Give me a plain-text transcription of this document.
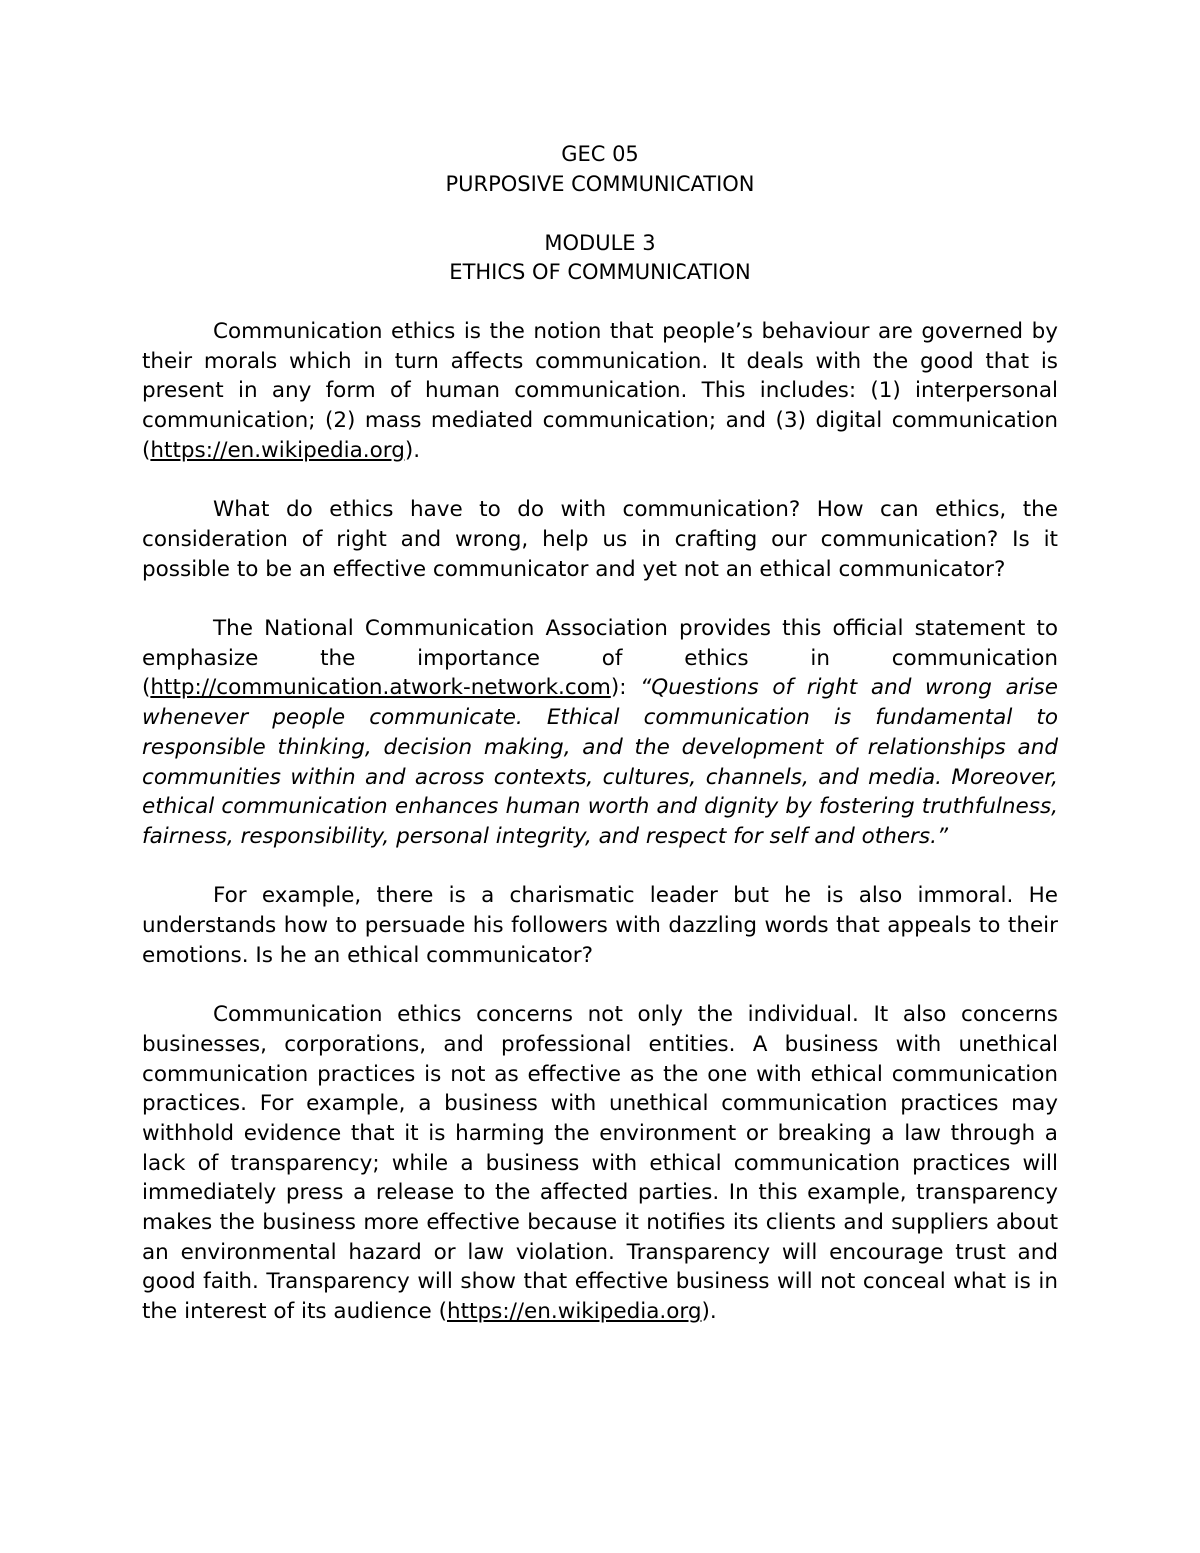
GEC 05

PURPOSIVE COMMUNICATION

MODULE 3

ETHICS OF COMMUNICATION

Communication ethics is the notion that people’s behaviour are governed by their morals which in turn affects communication. It deals with the good that is present in any form of human communication. This includes: (1) interpersonal communication; (2) mass mediated communication; and (3) digital communication (https://en.wikipedia.org).

What do ethics have to do with communication? How can ethics, the consideration of right and wrong, help us in crafting our communication? Is it possible to be an effective communicator and yet not an ethical communicator?

The National Communication Association provides this official statement to emphasize the importance of ethics in communication (http://communication.atwork-network.com): “Questions of right and wrong arise whenever people communicate. Ethical communication is fundamental to responsible thinking, decision making, and the development of relationships and communities within and across contexts, cultures, channels, and media. Moreover, ethical communication enhances human worth and dignity by fostering truthfulness, fairness, responsibility, personal integrity, and respect for self and others.”

For example, there is a charismatic leader but he is also immoral. He understands how to persuade his followers with dazzling words that appeals to their emotions. Is he an ethical communicator?

Communication ethics concerns not only the individual. It also concerns businesses, corporations, and professional entities. A business with unethical communication practices is not as effective as the one with ethical communication practices. For example, a business with unethical communication practices may withhold evidence that it is harming the environment or breaking a law through a lack of transparency; while a business with ethical communication practices will immediately press a release to the affected parties. In this example, transparency makes the business more effective because it notifies its clients and suppliers about an environmental hazard or law violation. Transparency will encourage trust and good faith. Transparency will show that effective business will not conceal what is in the interest of its audience (https://en.wikipedia.org).
